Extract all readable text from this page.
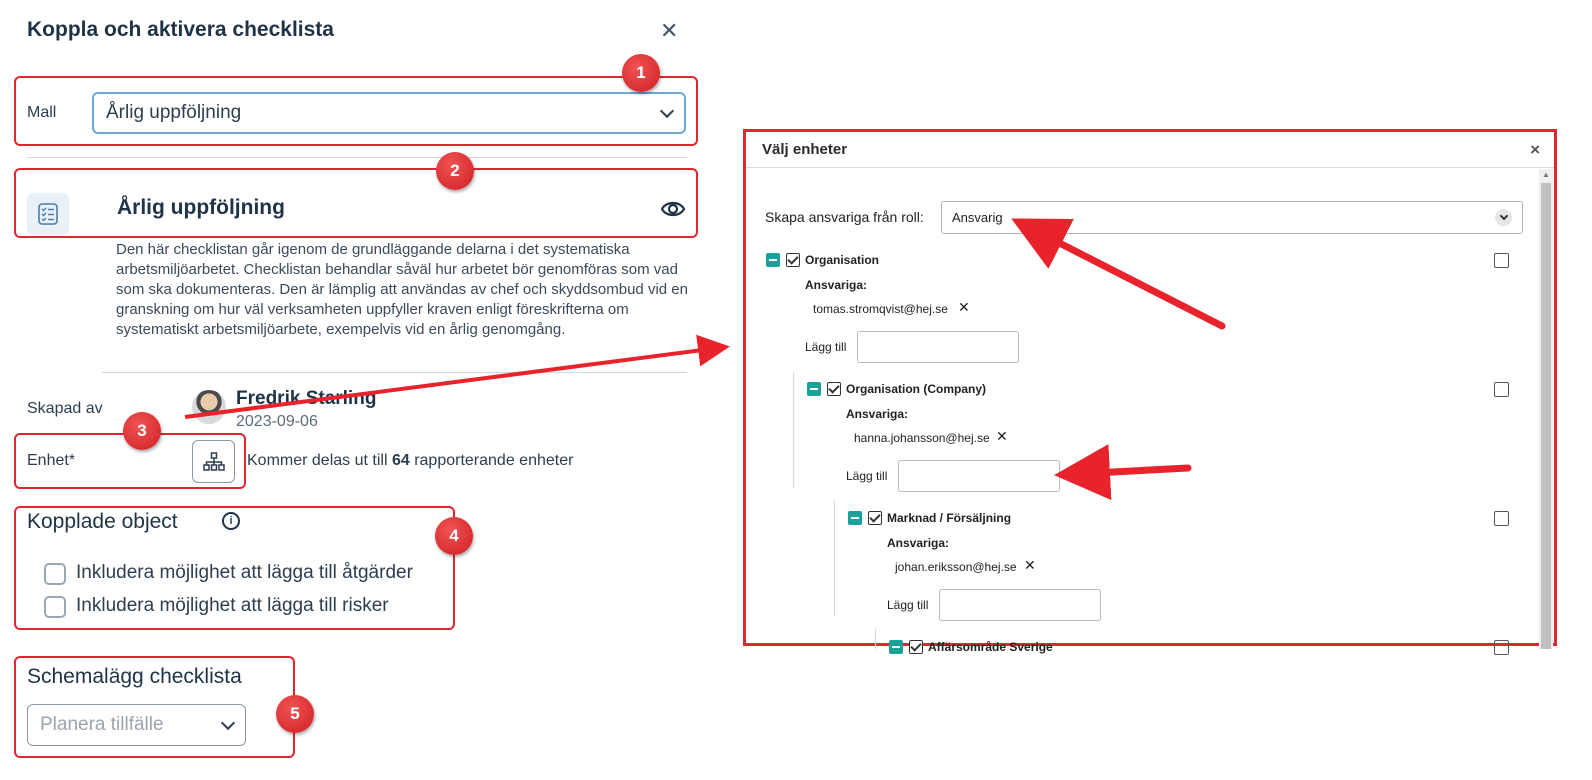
Koppla och aktivera checklista	✕
Mall	Årlig uppföljning
Årlig uppföljning
Den här checklistan går igenom de grundläggande delarna i det systematiska arbetsmiljöarbetet. Checklistan behandlar såväl hur arbetet bör genomföras som vad som ska dokumenteras. Den är lämplig att användas av chef och skyddsombud vid en granskning om hur väl verksamheten uppfyller kraven enligt föreskrifterna om systematiskt arbetsmiljöarbete, exempelvis vid en årlig genomgång.
Skapad av	Fredrik Starling
2023-09-06
Enhet*	Kommer delas ut till 64 rapporterande enheter
Kopplade object	i
Inkludera möjlighet att lägga till åtgärder
Inkludera möjlighet att lägga till risker
Schemalägg checklista
Planera tillfälle
1
2
3
4
5
Välj enheter	×
▲
Skapa ansvariga från roll: Ansvarig
Organisation
Ansvariga:
tomas.stromqvist@hej.se ✕
Lägg till
Organisation (Company)
Ansvariga:
hanna.johansson@hej.se ✕
Lägg till
Marknad / Försäljning
Ansvariga:
johan.eriksson@hej.se ✕
Lägg till
Affärsområde Sverige
